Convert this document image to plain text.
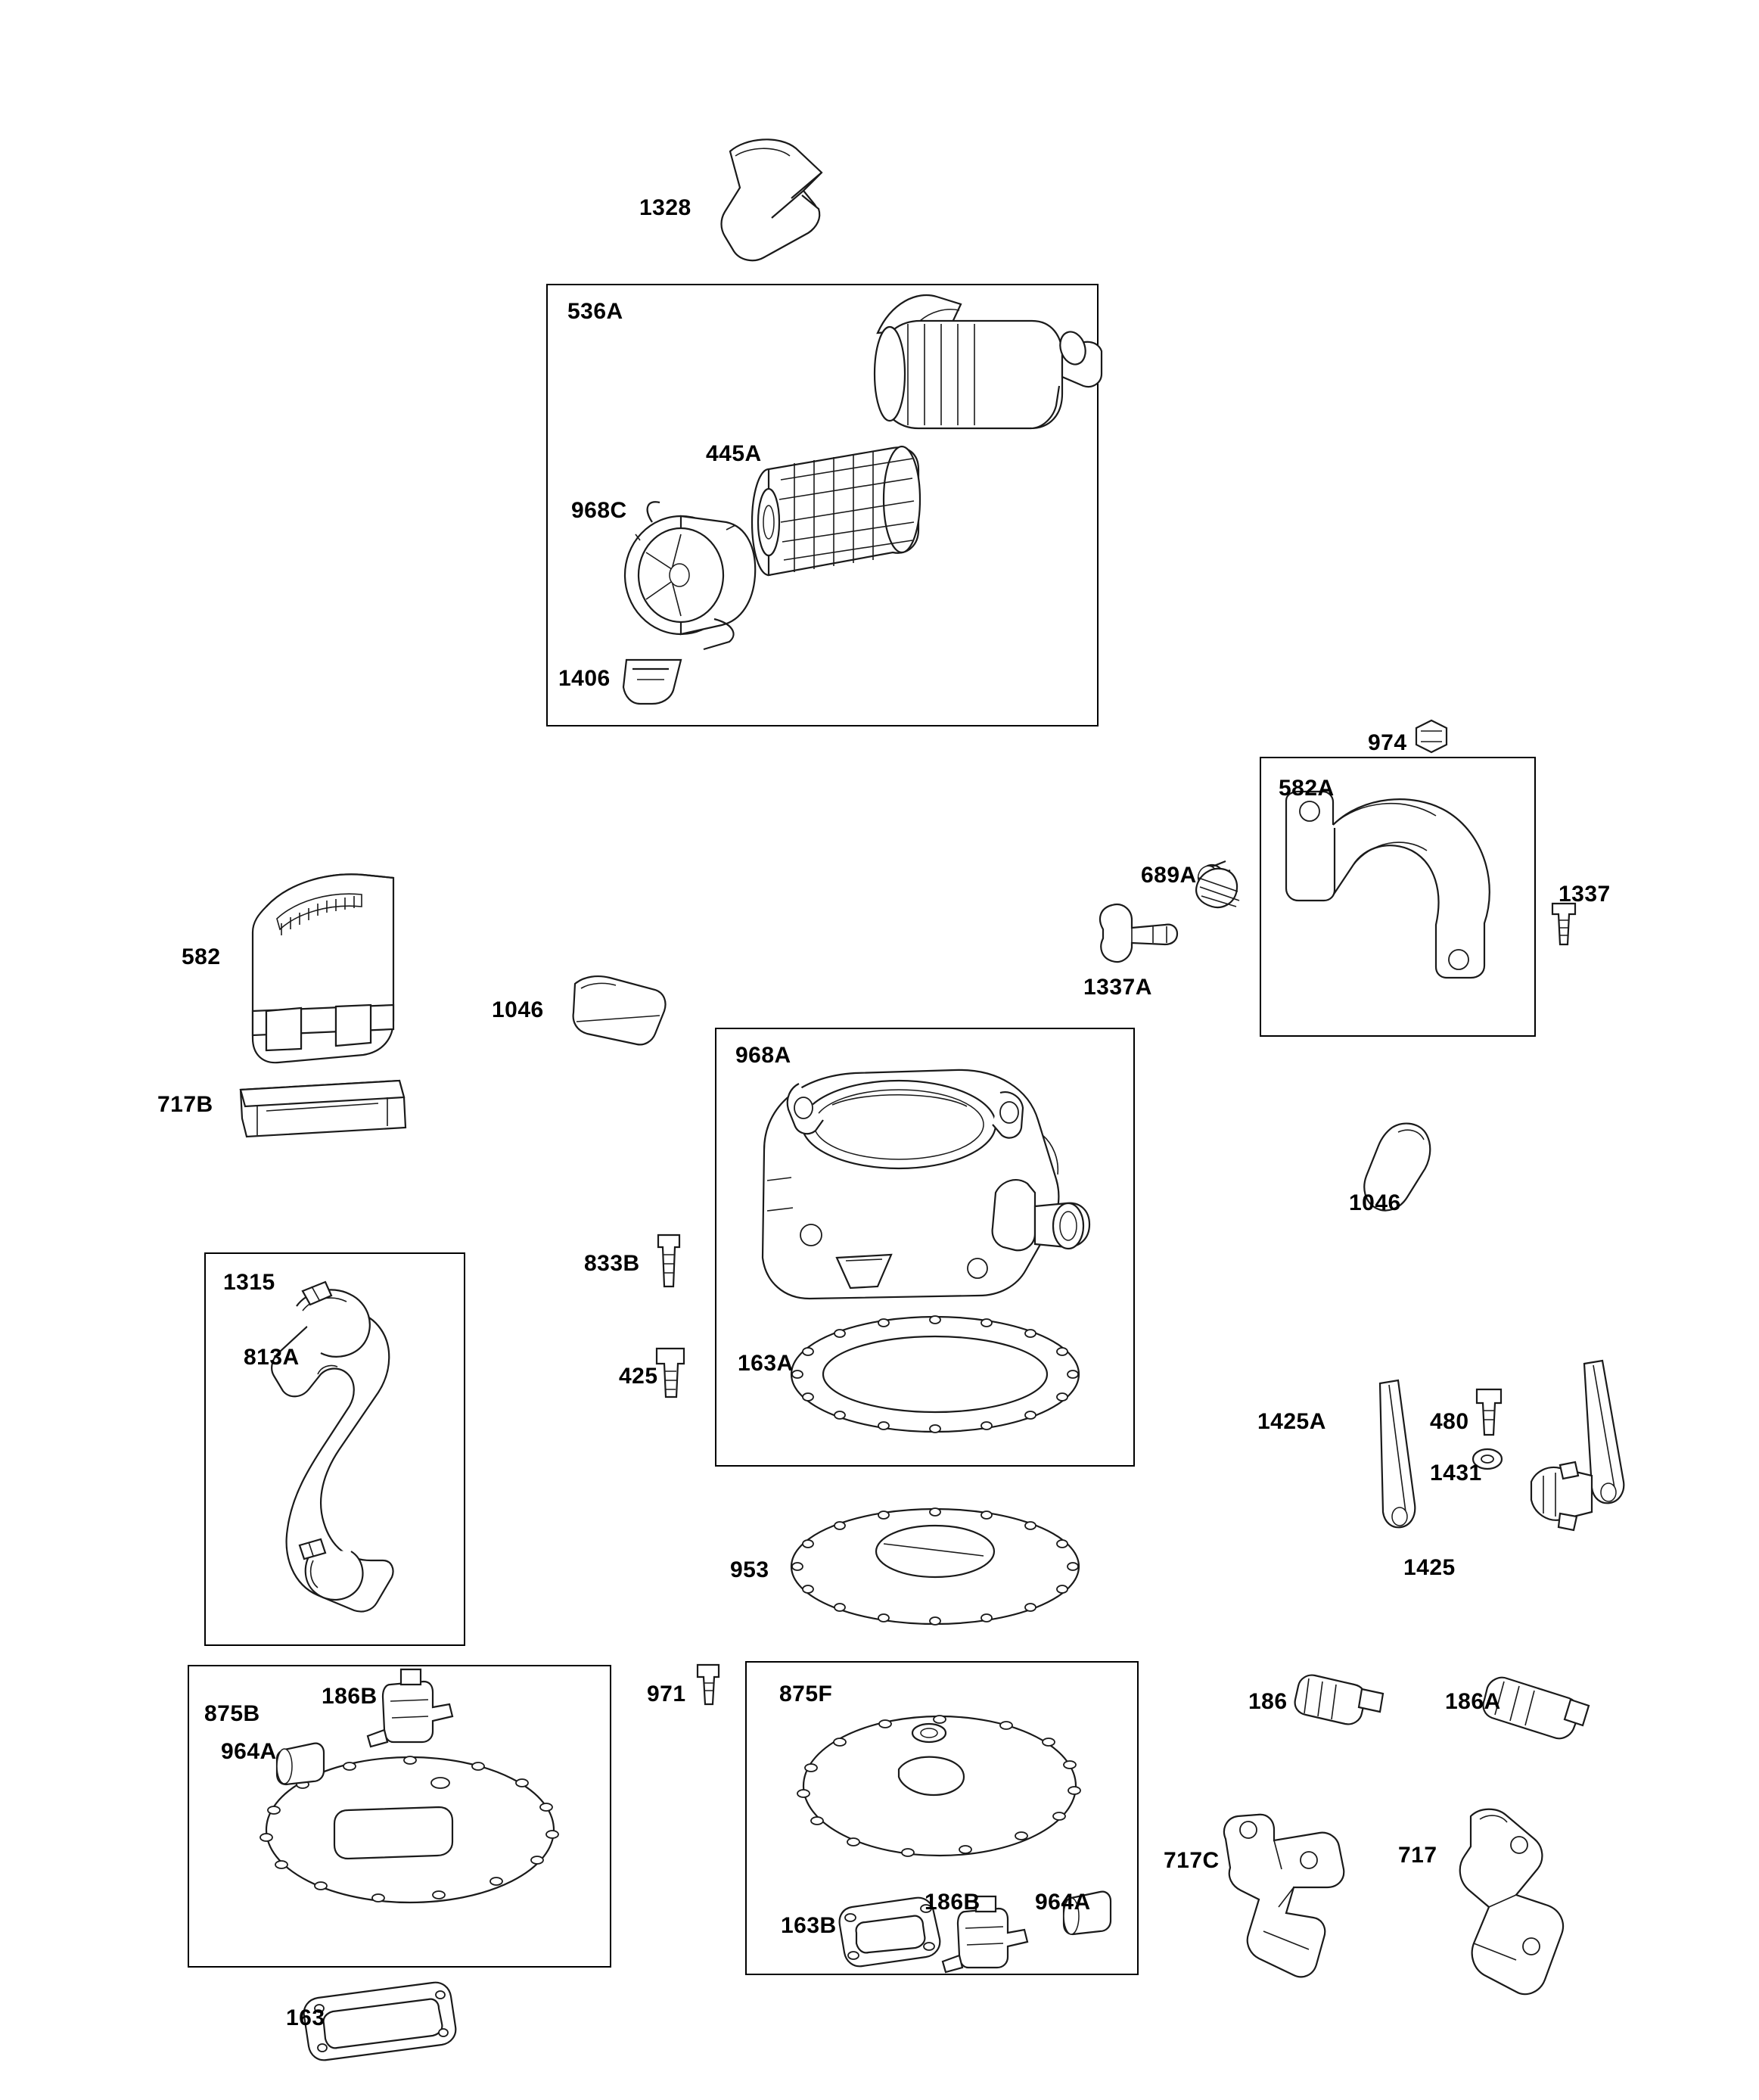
1328
536A
445A
968C
1406
974
582A
689A
1337
1337A
582
1046
968A
717B
1046
833B
1315
813A
425
163A
1425A	480
1431
1425
953
971	875F
186B
875B	186	186A
964A
186B 964A
717C	717
163B
163
